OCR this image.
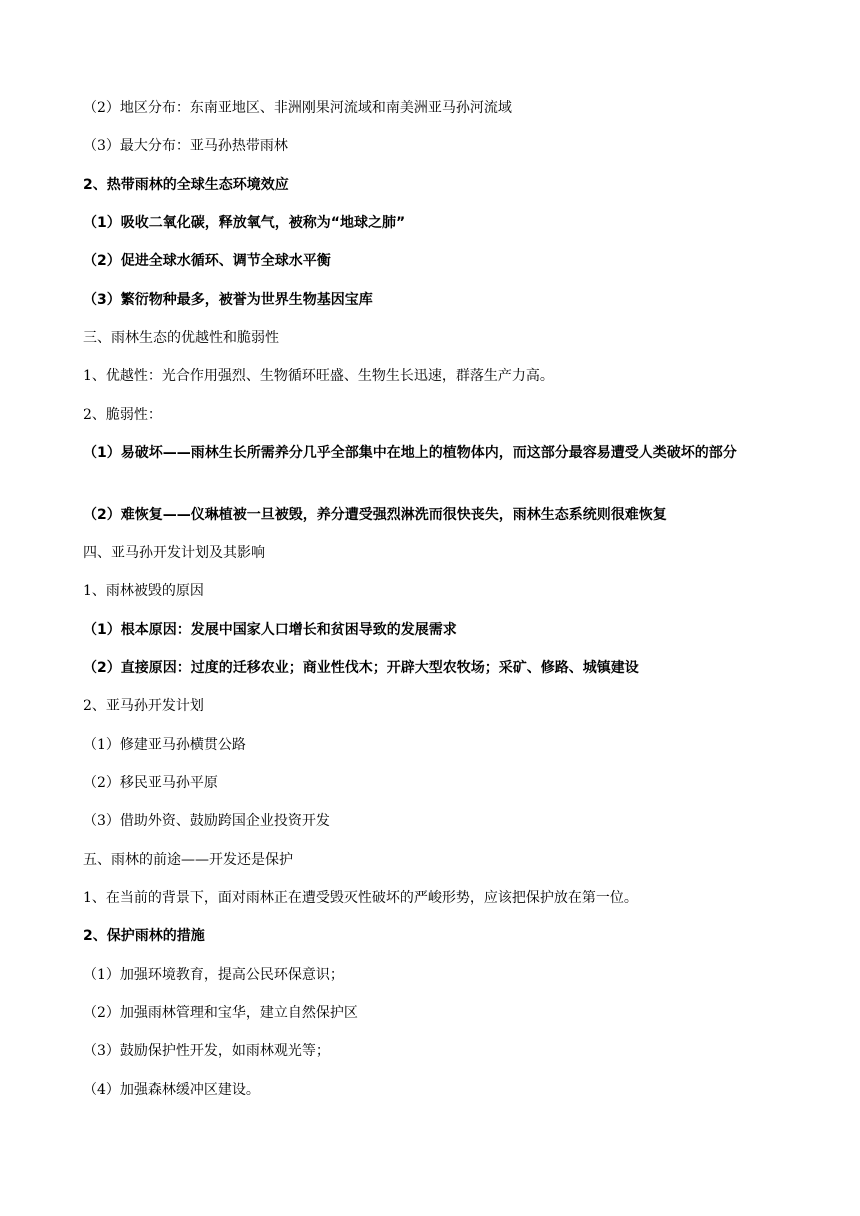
（2）地区分布：东南亚地区、非洲刚果河流域和南美洲亚马孙河流域
（3）最大分布：亚马孙热带雨林
2、热带雨林的全球生态环境效应
（1）吸收二氧化碳，释放氧气，被称为“地球之肺”
（2）促进全球水循环、调节全球水平衡
（3）繁衍物种最多，被誉为世界生物基因宝库
三、雨林生态的优越性和脆弱性
1、优越性：光合作用强烈、生物循环旺盛、生物生长迅速，群落生产力高。
2、脆弱性：
（1）易破坏——雨林生长所需养分几乎全部集中在地上的植物体内，而这部分最容易遭受人类破坏的部分
（2）难恢复——仪琳植被一旦被毁，养分遭受强烈淋洗而很快丧失，雨林生态系统则很难恢复
四、亚马孙开发计划及其影响
1、雨林被毁的原因
（1）根本原因：发展中国家人口增长和贫困导致的发展需求
（2）直接原因：过度的迁移农业；商业性伐木；开辟大型农牧场；采矿、修路、城镇建设
2、亚马孙开发计划
（1）修建亚马孙横贯公路
（2）移民亚马孙平原
（3）借助外资、鼓励跨国企业投资开发
五、雨林的前途——开发还是保护
1、在当前的背景下，面对雨林正在遭受毁灭性破坏的严峻形势，应该把保护放在第一位。
2、保护雨林的措施
（1）加强环境教育，提高公民环保意识；
（2）加强雨林管理和宝华，建立自然保护区
（3）鼓励保护性开发，如雨林观光等；
（4）加强森林缓冲区建设。
